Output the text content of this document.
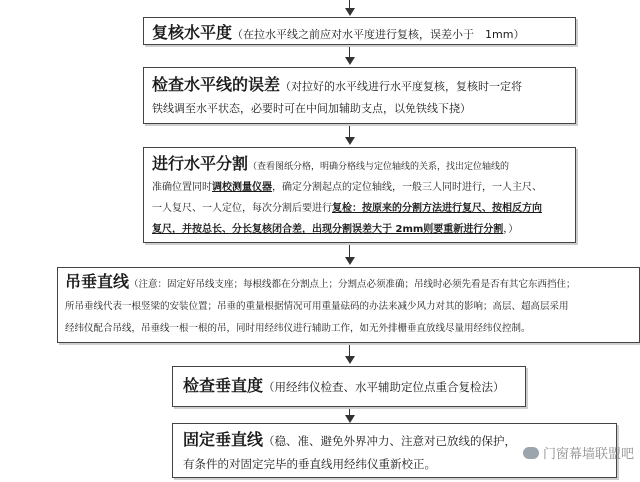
复核水平度（在拉水平线之前应对水平度进行复核，误差小于　1mm）

检查水平线的误差（对拉好的水平线进行水平度复核，复核时一定将

铁线调至水平状态，必要时可在中间加辅助支点，以免铁线下挠）

进行水平分割（查看图纸分格，明确分格线与定位轴线的关系，找出定位轴线的

准确位置同时调校测量仪器，确定分割起点的定位轴线，一般三人同时进行，一人主尺、

一人复尺、一人定位，每次分割后要进行复检：按原来的分割方法进行复尺、按相反方向

复尺，并按总长、分长复核闭合差，出现分割误差大于 2mm则要重新进行分割，）

吊垂直线（注意：固定好吊线支座；每根线都在分割点上；分割点必须准确；吊线时必须先看是否有其它东西挡住；

所吊垂线代表一根竖梁的安装位置；吊垂的重量根据情况可用重量砝码的办法来减少风力对其的影响；高层、超高层采用

经纬仪配合吊线，吊垂线一根一根的吊，同时用经纬仪进行辅助工作，如无外排栅垂直放线尽量用经纬仪控制。

检查垂直度（用经纬仪检查、水平辅助定位点重合复检法）

固定垂直线（稳、准、避免外界冲力、注意对已放线的保护，

有条件的对固定完毕的垂直线用经纬仪重新校正。

门窗幕墙联盟吧
